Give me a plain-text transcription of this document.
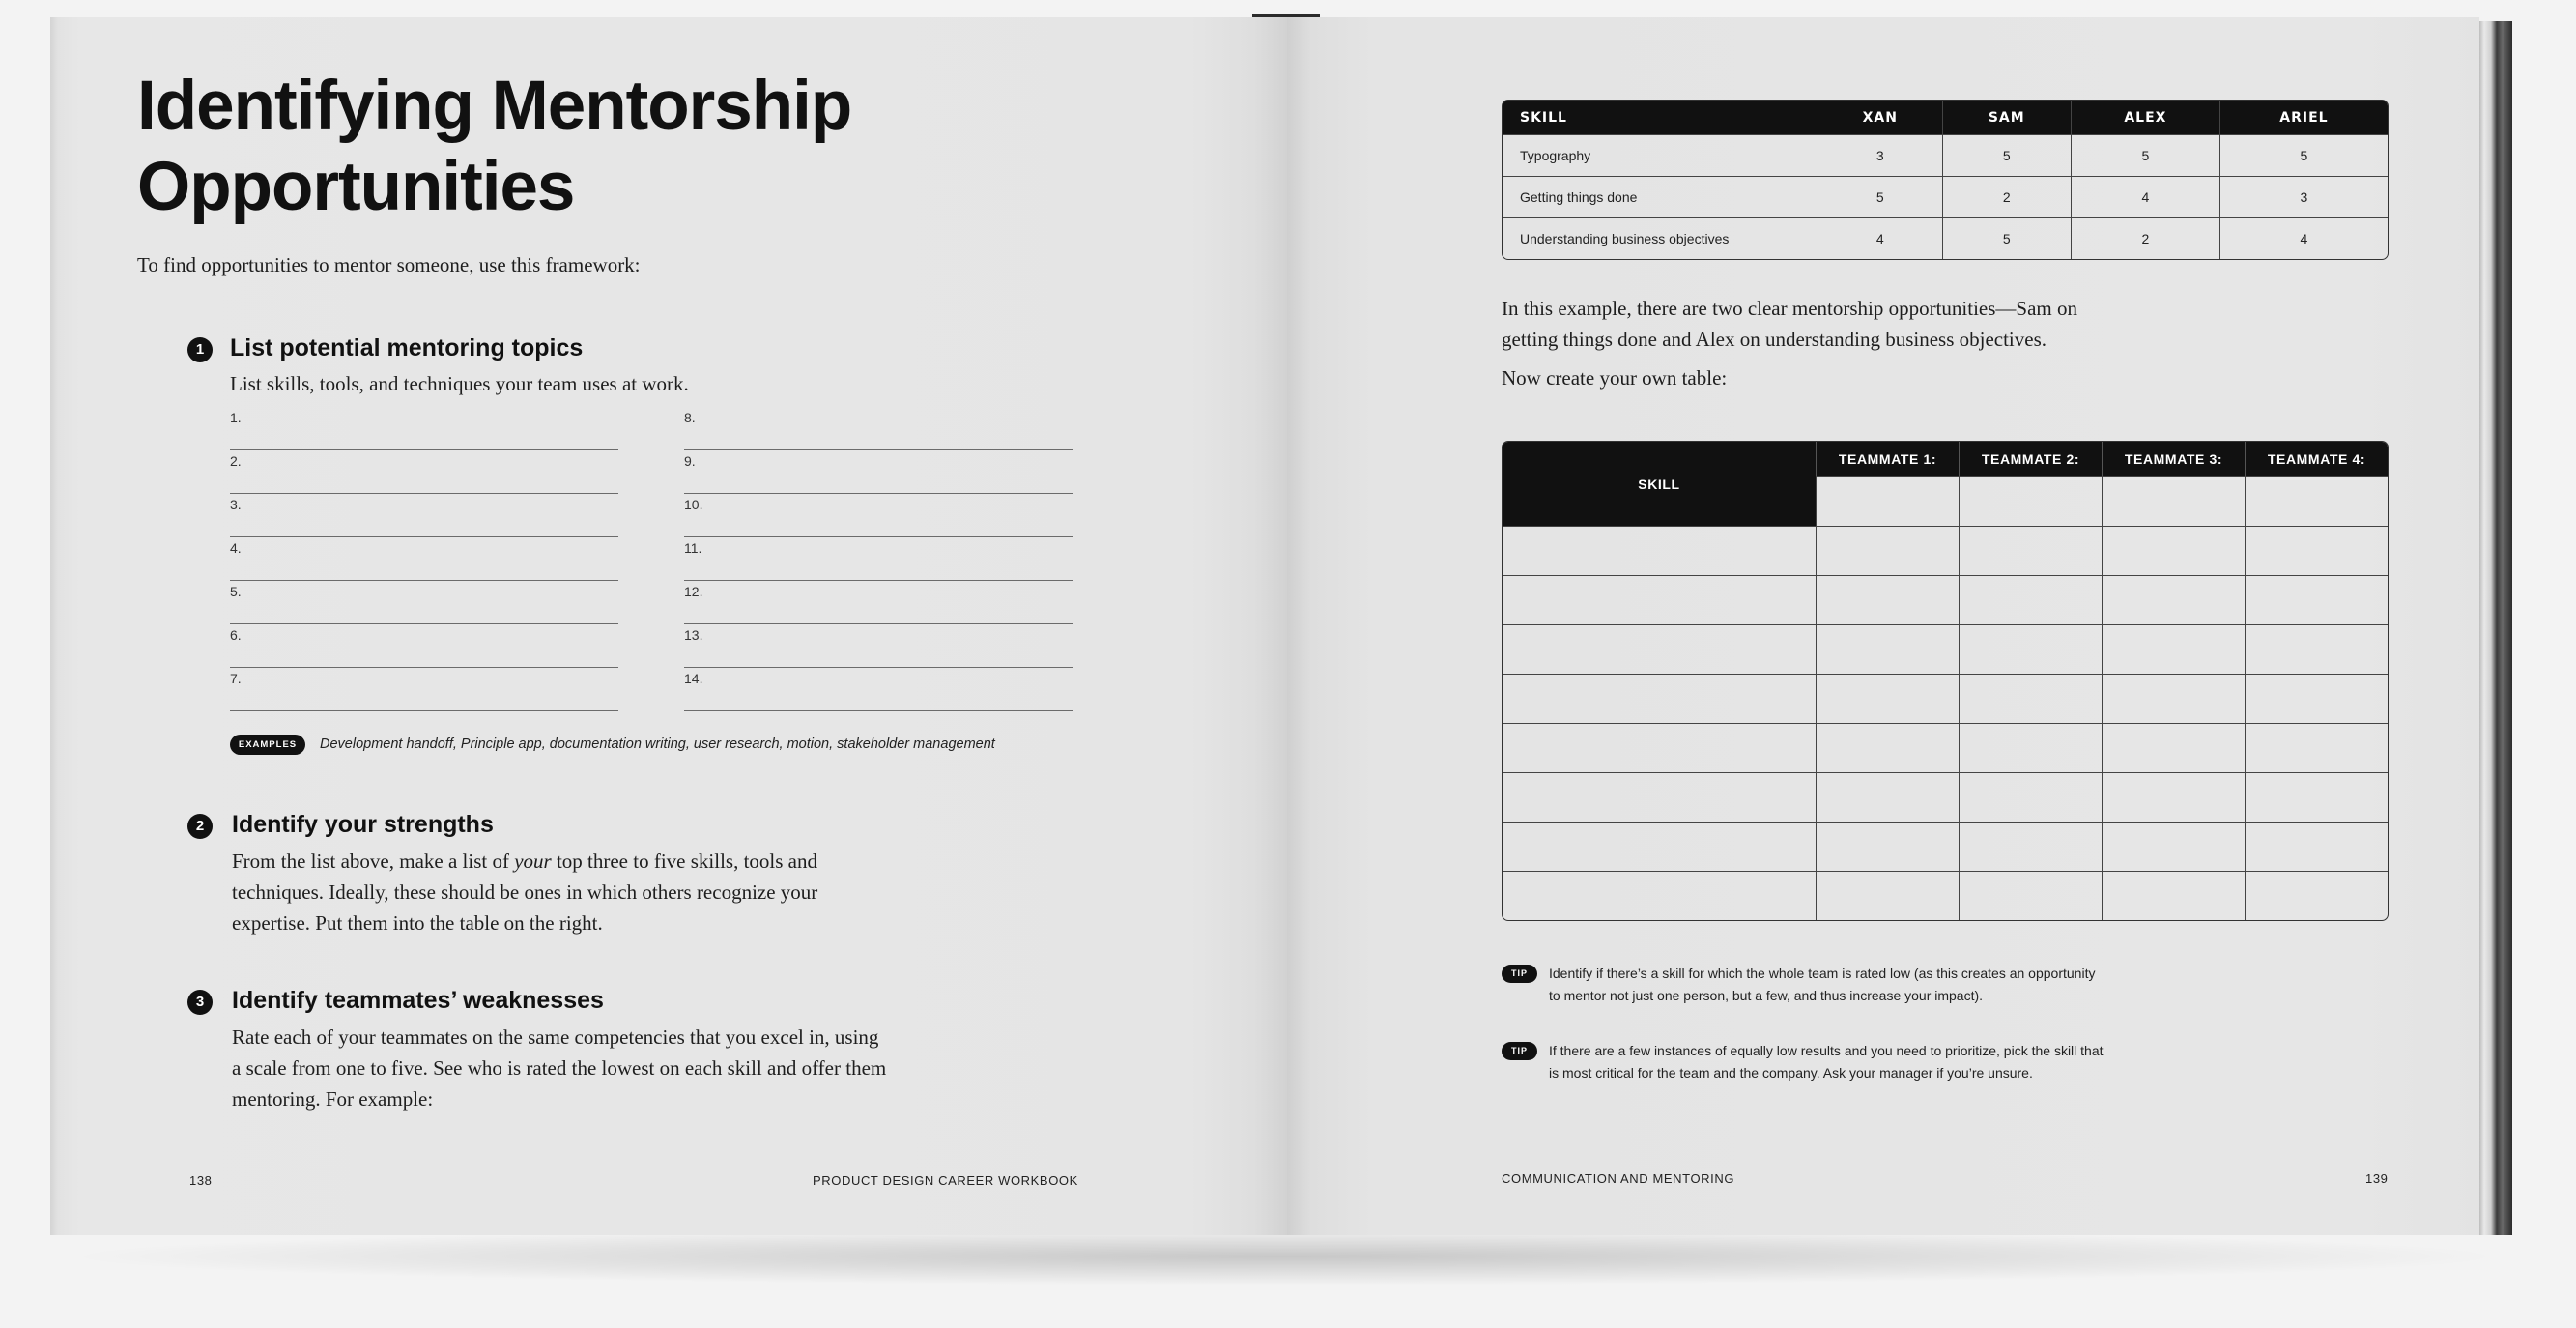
Identifying Mentorship
Opportunities
To find opportunities to mentor someone, use this framework:
1	List potential mentoring topics
List skills, tools, and techniques your team uses at work.
1.
2.
3.
4.
5.
6.
7.
8.
9.
10.
11.
12.
13.
14.
EXAMPLES	Development handoff, Principle app, documentation writing, user research, motion, stakeholder management
2	Identify your strengths
From the list above, make a list of your top three to five skills, tools and techniques. Ideally, these should be ones in which others recognize your expertise. Put them into the table on the right.
3	Identify teammates’ weaknesses
Rate each of your teammates on the same competencies that you excel in, using a scale from one to five. See who is rated the lowest on each skill and offer them mentoring. For example:
138	PRODUCT DESIGN CAREER WORKBOOK
SKILL	XAN	SAM	ALEX	ARIEL
Typography	3	5	5	5
Getting things done	5	2	4	3
Understanding business objectives	4	5	2	4
In this example, there are two clear mentorship opportunities—Sam on getting things done and Alex on understanding business objectives.
Now create your own table:
SKILL	TEAMMATE 1:	TEAMMATE 2:	TEAMMATE 3:	TEAMMATE 4:

TIP	Identify if there’s a skill for which the whole team is rated low (as this creates an opportunity to mentor not just one person, but a few, and thus increase your impact).
TIP	If there are a few instances of equally low results and you need to prioritize, pick the skill that is most critical for the team and the company. Ask your manager if you’re unsure.
COMMUNICATION AND MENTORING	139
